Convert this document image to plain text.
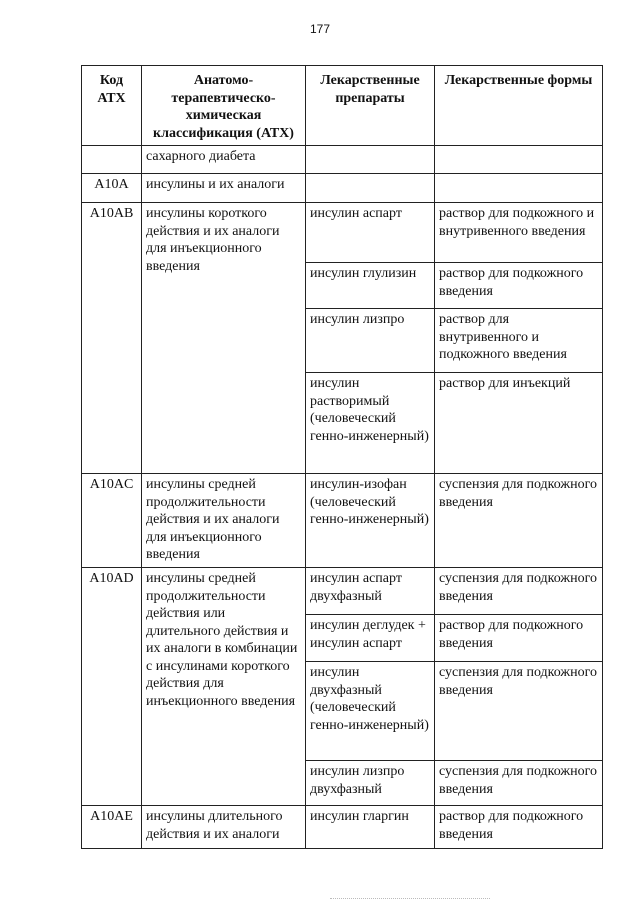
177
Код АТХ	Анатомо-терапевтическо-химическая классификация (АТХ)	Лекарственные препараты	Лекарственные формы
	сахарного диабета		
A10A	инсулины и их аналоги		
A10AB	инсулины короткого действия и их аналоги для инъекционного введения	инсулин аспарт	раствор для подкожного и внутривенного введения
		инсулин глулизин	раствор для подкожного введения
		инсулин лизпро	раствор для внутривенного и подкожного введения
		инсулин растворимый (человеческий генно-инженерный)	раствор для инъекций
A10AC	инсулины средней продолжительности действия и их аналоги для инъекционного введения	инсулин-изофан (человеческий генно-инженерный)	суспензия для подкожного введения
A10AD	инсулины средней продолжительности действия или длительного действия и их аналоги в комбинации с инсулинами короткого действия для инъекционного введения	инсулин аспарт двухфазный	суспензия для подкожного введения
		инсулин деглудек + инсулин аспарт	раствор для подкожного введения
		инсулин двухфазный (человеческий генно-инженерный)	суспензия для подкожного введения
		инсулин лизпро двухфазный	суспензия для подкожного введения
A10AE	инсулины длительного действия и их аналоги	инсулин гларгин	раствор для подкожного введения
